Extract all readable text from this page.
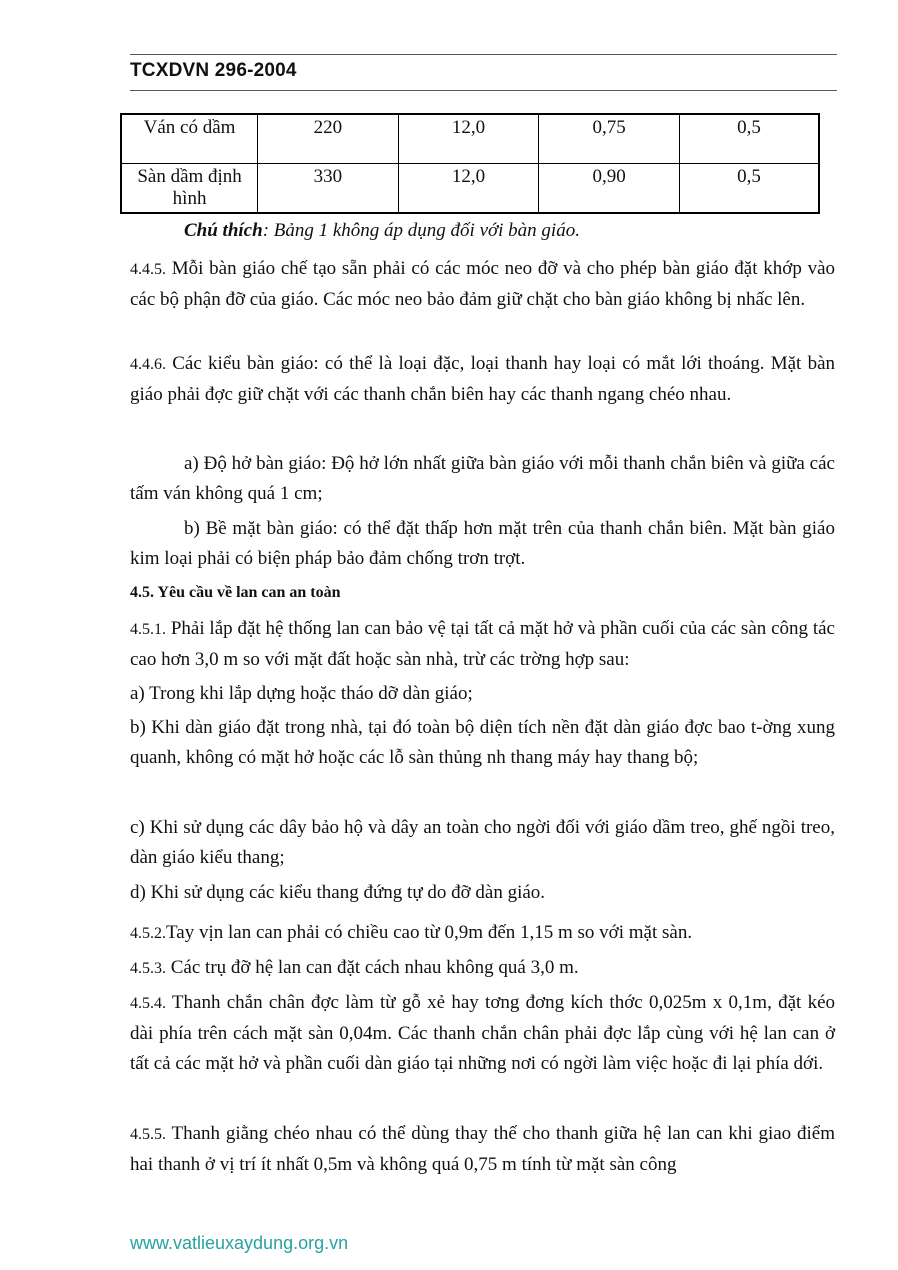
TCXDVN 296-2004
Ván có dầm	220	12,0	0,75	0,5
Sàn dầm định hình	330	12,0	0,90	0,5
Chú thích: Bảng 1 không áp dụng đối với bàn giáo.

4.4.5. Mỗi bàn giáo chế tạo sẵn phải có các móc neo đỡ và cho phép bàn giáo đặt khớp vào các bộ phận đỡ của giáo. Các móc neo bảo đảm giữ chặt cho bàn giáo không bị nhấc lên.

4.4.6. Các kiểu bàn giáo: có thể là loại đặc, loại thanh hay loại có mắt lới thoáng. Mặt bàn giáo phải đợc giữ chặt với các thanh chắn biên hay các thanh ngang chéo nhau.

a) Độ hở bàn giáo: Độ hở lớn nhất giữa bàn giáo với mỗi thanh chắn biên và giữa các tấm ván không quá 1 cm;

b) Bề mặt bàn giáo: có thể đặt thấp hơn mặt trên của thanh chắn biên. Mặt bàn giáo kim loại phải có biện pháp bảo đảm chống trơn trợt.

4.5. Yêu cầu về lan can an toàn

4.5.1. Phải lắp đặt hệ thống lan can bảo vệ tại tất cả mặt hở và phần cuối của các sàn công tác cao hơn 3,0 m so với mặt đất hoặc sàn nhà, trừ các trờng hợp sau:

a) Trong khi lắp dựng hoặc tháo dỡ dàn giáo;

b) Khi dàn giáo đặt trong nhà, tại đó toàn bộ diện tích nền đặt dàn giáo đợc bao t-ờng xung quanh, không có mặt hở hoặc các lỗ sàn thủng nh thang máy hay thang bộ;

c) Khi sử dụng các dây bảo hộ và dây an toàn cho ngời đối với giáo dầm treo, ghế ngồi treo, dàn giáo kiểu thang;

d) Khi sử dụng các kiểu thang đứng tự do đỡ dàn giáo.

4.5.2.Tay vịn lan can phải có chiều cao từ 0,9m đến 1,15 m so với mặt sàn.

4.5.3. Các trụ đỡ hệ lan can đặt cách nhau không quá 3,0 m.

4.5.4. Thanh chắn chân đợc làm từ gỗ xẻ hay tơng đơng kích thớc 0,025m x 0,1m, đặt kéo dài phía trên cách mặt sàn 0,04m. Các thanh chắn chân phải đợc lắp cùng với hệ lan can ở tất cả các mặt hở và phần cuối dàn giáo tại những nơi có ngời làm việc hoặc đi lại phía dới.

4.5.5. Thanh giằng chéo nhau có thể dùng thay thế cho thanh giữa hệ lan can khi giao điểm hai thanh ở vị trí ít nhất 0,5m và không quá 0,75 m tính từ mặt sàn công

www.vatlieuxaydung.org.vn
